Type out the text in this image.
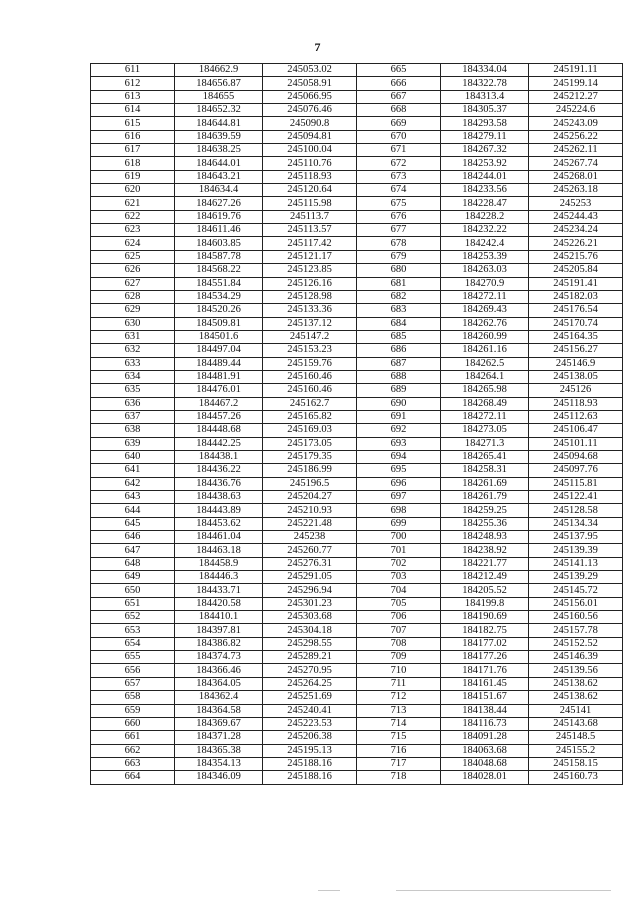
7
611	184662.9	245053.02	665	184334.04	245191.11
612	184656.87	245058.91	666	184322.78	245199.14
613	184655	245066.95	667	184313.4	245212.27
614	184652.32	245076.46	668	184305.37	245224.6
615	184644.81	245090.8	669	184293.58	245243.09
616	184639.59	245094.81	670	184279.11	245256.22
617	184638.25	245100.04	671	184267.32	245262.11
618	184644.01	245110.76	672	184253.92	245267.74
619	184643.21	245118.93	673	184244.01	245268.01
620	184634.4	245120.64	674	184233.56	245263.18
621	184627.26	245115.98	675	184228.47	245253
622	184619.76	245113.7	676	184228.2	245244.43
623	184611.46	245113.57	677	184232.22	245234.24
624	184603.85	245117.42	678	184242.4	245226.21
625	184587.78	245121.17	679	184253.39	245215.76
626	184568.22	245123.85	680	184263.03	245205.84
627	184551.84	245126.16	681	184270.9	245191.41
628	184534.29	245128.98	682	184272.11	245182.03
629	184520.26	245133.36	683	184269.43	245176.54
630	184509.81	245137.12	684	184262.76	245170.74
631	184501.6	245147.2	685	184260.99	245164.35
632	184497.04	245153.23	686	184261.16	245156.27
633	184489.44	245159.76	687	184262.5	245146.9
634	184481.91	245160.46	688	184264.1	245138.05
635	184476.01	245160.46	689	184265.98	245126
636	184467.2	245162.7	690	184268.49	245118.93
637	184457.26	245165.82	691	184272.11	245112.63
638	184448.68	245169.03	692	184273.05	245106.47
639	184442.25	245173.05	693	184271.3	245101.11
640	184438.1	245179.35	694	184265.41	245094.68
641	184436.22	245186.99	695	184258.31	245097.76
642	184436.76	245196.5	696	184261.69	245115.81
643	184438.63	245204.27	697	184261.79	245122.41
644	184443.89	245210.93	698	184259.25	245128.58
645	184453.62	245221.48	699	184255.36	245134.34
646	184461.04	245238	700	184248.93	245137.95
647	184463.18	245260.77	701	184238.92	245139.39
648	184458.9	245276.31	702	184221.77	245141.13
649	184446.3	245291.05	703	184212.49	245139.29
650	184433.71	245296.94	704	184205.52	245145.72
651	184420.58	245301.23	705	184199.8	245156.01
652	184410.1	245303.68	706	184190.69	245160.56
653	184397.81	245304.18	707	184182.75	245157.78
654	184386.82	245298.55	708	184177.02	245152.52
655	184374.73	245289.21	709	184177.26	245146.39
656	184366.46	245270.95	710	184171.76	245139.56
657	184364.05	245264.25	711	184161.45	245138.62
658	184362.4	245251.69	712	184151.67	245138.62
659	184364.58	245240.41	713	184138.44	245141
660	184369.67	245223.53	714	184116.73	245143.68
661	184371.28	245206.38	715	184091.28	245148.5
662	184365.38	245195.13	716	184063.68	245155.2
663	184354.13	245188.16	717	184048.68	245158.15
664	184346.09	245188.16	718	184028.01	245160.73
